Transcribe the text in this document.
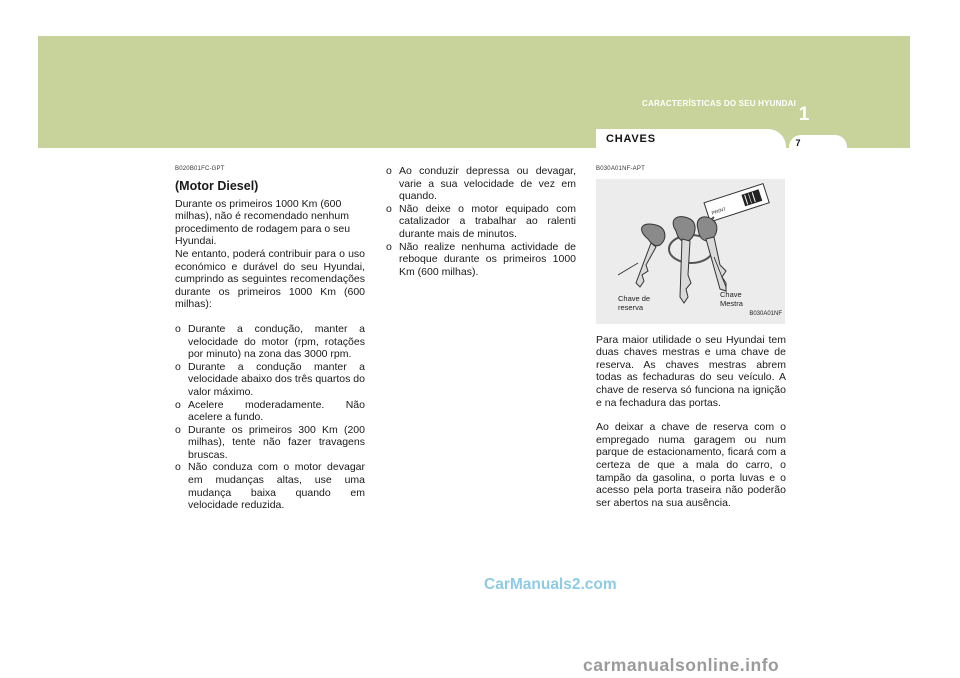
CARACTERÍSTICAS DO SEU HYUNDAI
1
CHAVES	7
B020B01FC-GPT
(Motor Diesel)

Durante os primeiros 1000 Km (600
milhas), não é recomendado nenhum
procedimento de rodagem para o seu
Hyundai.

Ne entanto, poderá contribuir para o uso económico e durável do seu Hyundai, cumprindo as seguintes recomendações durante os primeiros 1000 Km (600 milhas):

o Durante a condução, manter a velocidade do motor (rpm, rotações por minuto) na zona das 3000 rpm.
o Durante a condução manter a velocidade abaixo dos três quartos do valor máximo.
o Acelere moderadamente. Não acelere a fundo.
o Durante os primeiros 300 Km (200 milhas), tente não fazer travagens bruscas.
o Não conduza com o motor devagar em mudanças altas, use uma mudança baixa quando em velocidade reduzida.
o Ao conduzir depressa ou devagar, varie a sua velocidade de vez em quando.
o Não deixe o motor equipado com catalizador a trabalhar ao ralenti durante mais de minutos.
o Não realize nenhuma actividade de reboque durante os primeiros 1000 Km (600 milhas).
B030A01NF-APT
PRINT
Chave de
reserva
Chave
Mestra
B030A01NF

Para maior utilidade o seu Hyundai tem duas chaves mestras e uma chave de reserva. As chaves mestras abrem todas as fechaduras do seu veículo. A chave de reserva só funciona na ignição e na fechadura das portas.

Ao deixar a chave de reserva com o empregado numa garagem ou num parque de estacionamento, ficará com a certeza de que a mala do carro, o tampão da gasolina, o porta luvas e o acesso pela porta traseira não poderão ser abertos na sua ausência.

CarManuals2.com
carmanualsonline.info
